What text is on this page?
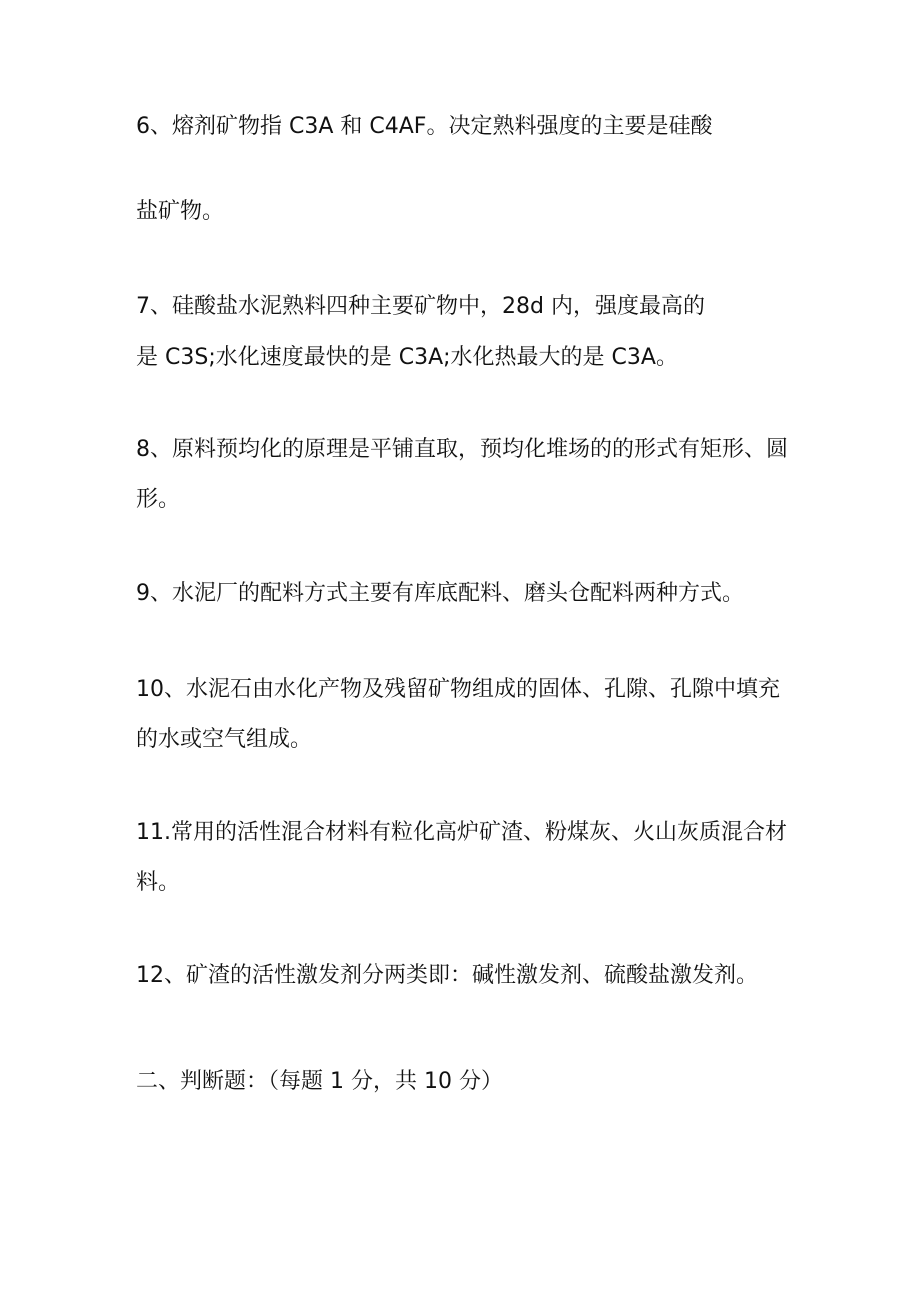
6、熔剂矿物指 C3A 和 C4AF。决定熟料强度的主要是硅酸

盐矿物。

7、硅酸盐水泥熟料四种主要矿物中，28d 内，强度最高的

是 C3S;水化速度最快的是 C3A;水化热最大的是 C3A。

8、原料预均化的原理是平铺直取，预均化堆场的的形式有矩形、圆

形。

9、水泥厂的配料方式主要有库底配料、磨头仓配料两种方式。

10、水泥石由水化产物及残留矿物组成的固体、孔隙、孔隙中填充

的水或空气组成。

11.常用的活性混合材料有粒化高炉矿渣、粉煤灰、火山灰质混合材

料。

12、矿渣的活性激发剂分两类即：碱性激发剂、硫酸盐激发剂。

二、判断题：（每题 1 分，共 10 分）
